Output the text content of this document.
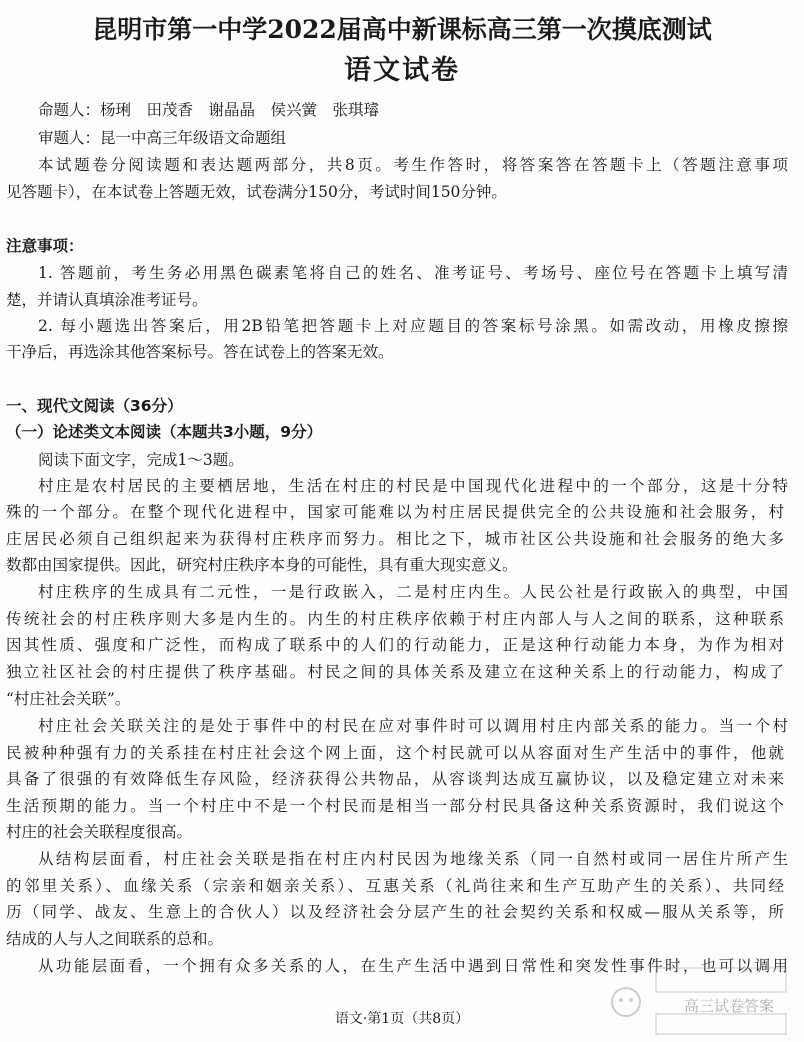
昆明市第一中学2022届高中新课标高三第一次摸底测试
语文试卷
命题人：杨琍　田茂香　谢晶晶　侯兴黉　张琪璿
审题人：昆一中高三年级语文命题组
本试题卷分阅读题和表达题两部分，共8页。考生作答时，将答案答在答题卡上（答题注意事项
见答题卡），在本试卷上答题无效，试卷满分150分，考试时间150分钟。
注意事项：
1. 答题前，考生务必用黑色碳素笔将自己的姓名、准考证号、考场号、座位号在答题卡上填写清
楚，并请认真填涂准考证号。
2. 每小题选出答案后，用2B铅笔把答题卡上对应题目的答案标号涂黑。如需改动，用橡皮擦擦
干净后，再选涂其他答案标号。答在试卷上的答案无效。
一、现代文阅读（36分）
（一）论述类文本阅读（本题共3小题，9分）
阅读下面文字，完成1～3题。
村庄是农村居民的主要栖居地，生活在村庄的村民是中国现代化进程中的一个部分，这是十分特
殊的一个部分。在整个现代化进程中，国家可能难以为村庄居民提供完全的公共设施和社会服务，村
庄居民必须自己组织起来为获得村庄秩序而努力。相比之下，城市社区公共设施和社会服务的绝大多
数都由国家提供。因此，研究村庄秩序本身的可能性，具有重大现实意义。
村庄秩序的生成具有二元性，一是行政嵌入，二是村庄内生。人民公社是行政嵌入的典型，中国
传统社会的村庄秩序则大多是内生的。内生的村庄秩序依赖于村庄内部人与人之间的联系，这种联系
因其性质、强度和广泛性，而构成了联系中的人们的行动能力，正是这种行动能力本身，为作为相对
独立社区社会的村庄提供了秩序基础。村民之间的具体关系及建立在这种关系上的行动能力，构成了
“村庄社会关联”。
村庄社会关联关注的是处于事件中的村民在应对事件时可以调用村庄内部关系的能力。当一个村
民被种种强有力的关系挂在村庄社会这个网上面，这个村民就可以从容面对生产生活中的事件，他就
具备了很强的有效降低生存风险，经济获得公共物品，从容谈判达成互赢协议，以及稳定建立对未来
生活预期的能力。当一个村庄中不是一个村民而是相当一部分村民具备这种关系资源时，我们说这个
村庄的社会关联程度很高。
从结构层面看，村庄社会关联是指在村庄内村民因为地缘关系（同一自然村或同一居住片所产生
的邻里关系）、血缘关系（宗亲和姻亲关系）、互惠关系（礼尚往来和生产互助产生的关系）、共同经
历（同学、战友、生意上的合伙人）以及经济社会分层产生的社会契约关系和权威—服从关系等，所
结成的人与人之间联系的总和。
从功能层面看，一个拥有众多关系的人，在生产生活中遇到日常性和突发性事件时，也可以调用
语文·第1页（共8页）
高三试卷答案
